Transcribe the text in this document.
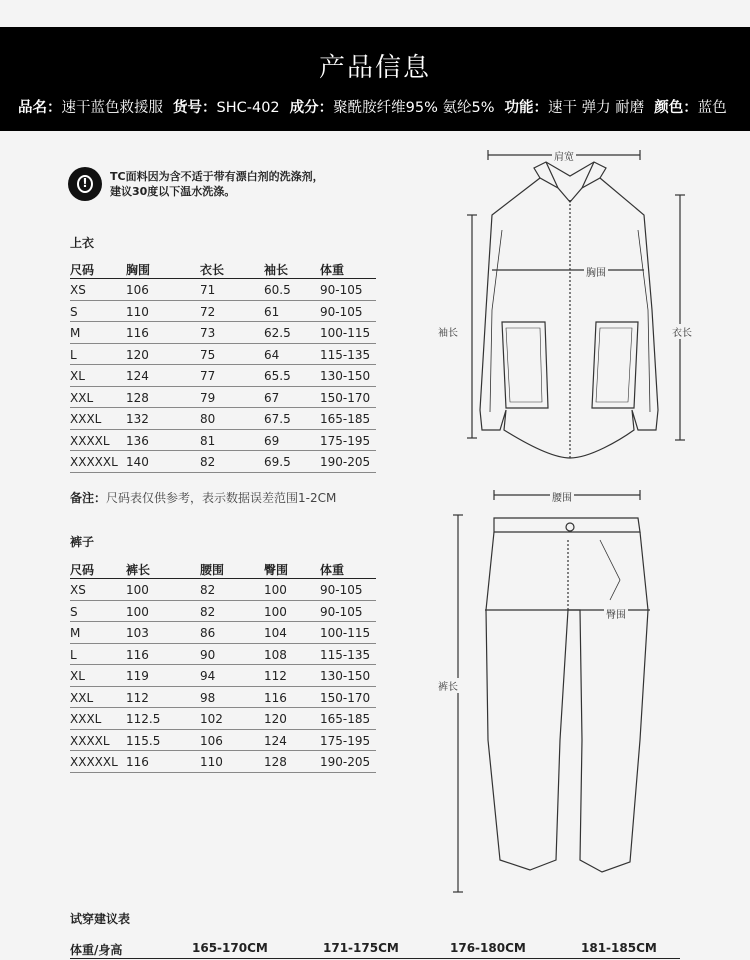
产品信息
品名：速干蓝色救援服 货号：SHC-402 成分：聚酰胺纤维95% 氨纶5% 功能：速干 弹力 耐磨 颜色：蓝色
!	TC面料因为含不适于带有漂白剂的洗涤剂，
建议30度以下温水洗涤。
上衣
尺码	胸围	衣长	袖长	体重
XS	106	71	60.5 90-105
S	110	72	61	90-105
M	116	73	62.5 100-115
L	120	75	64	115-135
XL	124	77	65.5 130-150
XXL	128	79	67	150-170
XXXL 132	80	67.5 165-185
XXXXL 136	81	69	175-195
XXXXXL 140	82	69.5 190-205
备注：尺码表仅供参考，表示数据误差范围1-2CM
裤子
尺码	裤长	腰围	臀围	体重
XS	100	82	100	90-105
S	100	82	100	90-105
M	103	86	104	100-115
L	116	90	108	115-135
XL	119	94	112	130-150
XXL	112	98	116	150-170
XXXL 112.5	102	120	165-185
XXXXL 115.5	106	124	175-195
XXXXXL 116	110	128	190-205
肩宽
胸围
袖长	衣长
腰围
臀围
裤长
试穿建议表
体重/身高	165-170CM	171-175CM	176-180CM	181-185CM
